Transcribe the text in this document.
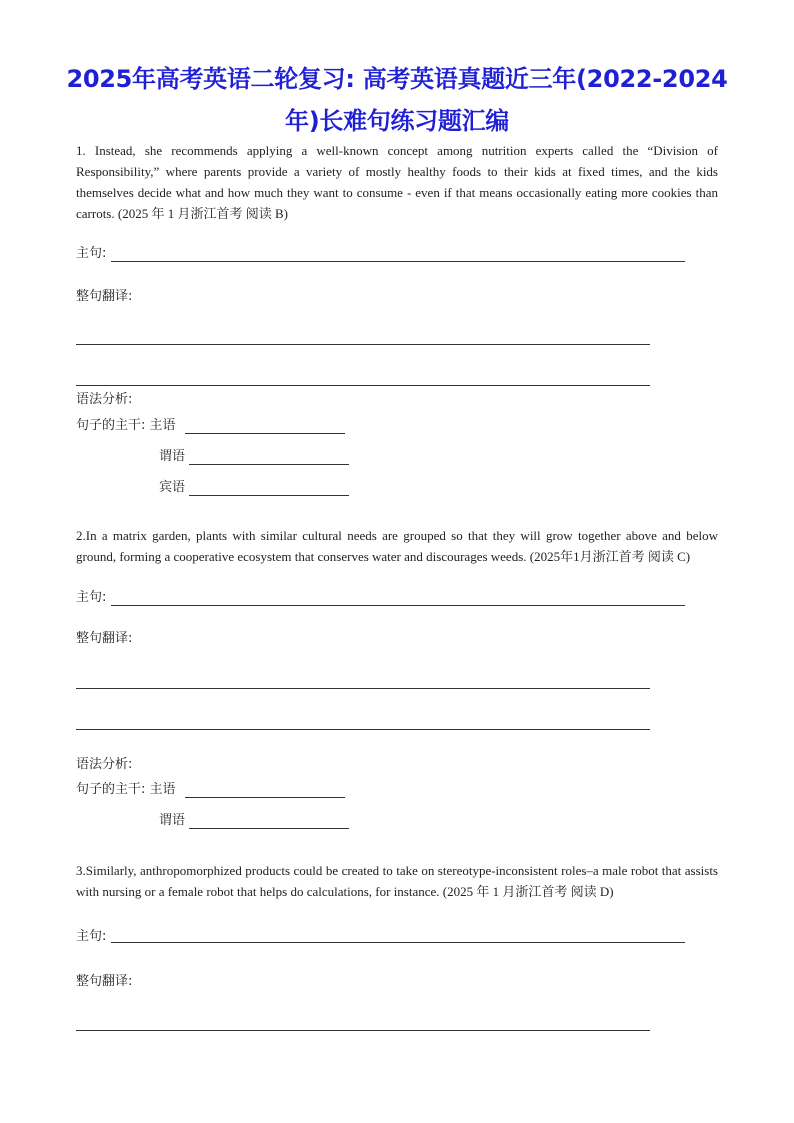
2025年高考英语二轮复习: 高考英语真题近三年(2022-2024
年)长难句练习题汇编
1. Instead, she recommends applying a well-known concept among nutrition experts called the “Division of Responsibility,” where parents provide a variety of mostly healthy foods to their kids at fixed times, and the kids themselves decide what and how much they want to consume - even if that means occasionally eating more cookies than carrots. (2025 年 1 月浙江首考 阅读 B)
主句:
整句翻译:
语法分析:
句子的主干: 主语
谓语
宾语
2.In a matrix garden, plants with similar cultural needs are grouped so that they will grow together above and below ground, forming a cooperative ecosystem that conserves water and discourages weeds. (2025年1月浙江首考 阅读 C)
主句:
整句翻译:
语法分析:
句子的主干: 主语
谓语
3.Similarly, anthropomorphized products could be created to take on stereotype-inconsistent roles–a male robot that assists with nursing or a female robot that helps do calculations, for instance. (2025 年 1 月浙江首考 阅读 D)
主句:
整句翻译:
